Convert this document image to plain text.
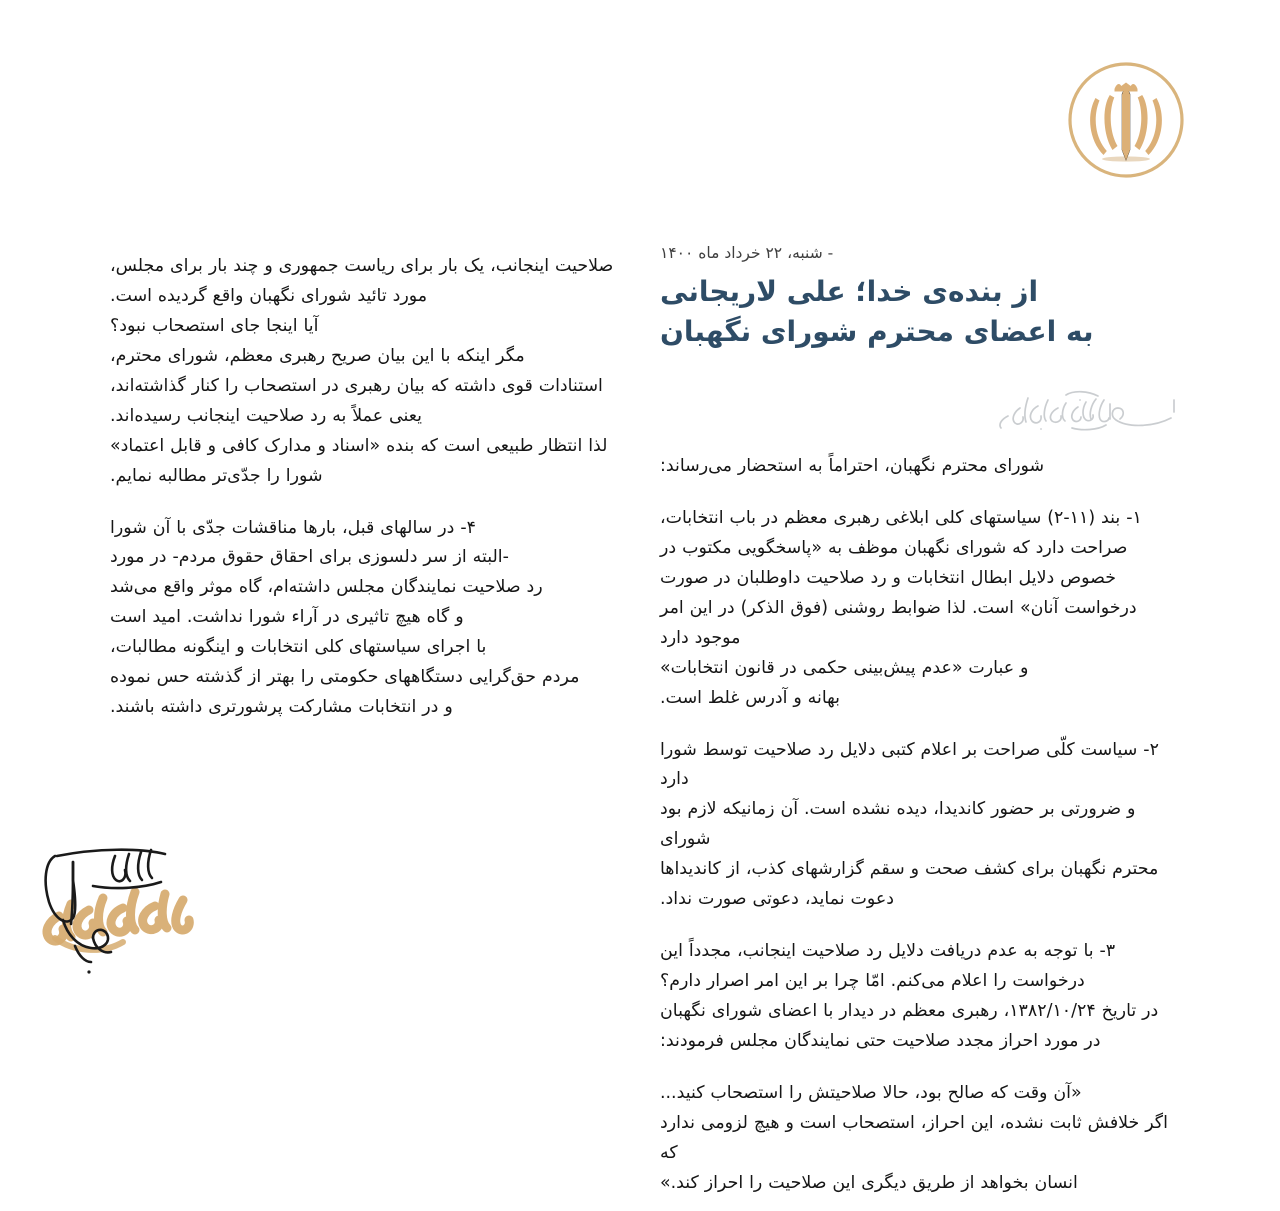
- شنبه، ۲۲ خرداد ماه ۱۴۰۰
از بنده‌ی خدا؛ علی لاریجانی
به اعضای محترم شورای نگهبان

شورای محترم نگهبان، احتراماً به استحضار می‌رساند:

۱- بند (۱۱-۲) سیاستهای کلی ابلاغی رهبری معظم در باب انتخابات،
صراحت دارد که شورای نگهبان موظف به «پاسخگویی مکتوب در
خصوص دلایل ابطال انتخابات و رد صلاحیت داوطلبان در صورت
درخواست آنان» است. لذا ضوابط روشنی (فوق الذکر) در این امر موجود دارد
و عبارت «عدم پیش‌بینی حکمی در قانون انتخابات»
بهانه و آدرس غلط است.

۲- سیاست کلّی صراحت بر اعلام کتبی دلایل رد صلاحیت توسط شورا دارد
و ضرورتی بر حضور کاندیدا، دیده نشده است. آن زمانیکه لازم بود شورای
محترم نگهبان برای کشف صحت و سقم گزارشهای کذب، از کاندیداها
دعوت نماید، دعوتی صورت نداد.

۳- با توجه به عدم دریافت دلایل رد صلاحیت اینجانب، مجدداً این
درخواست را اعلام می‌کنم. امّا چرا بر این امر اصرار دارم؟
در تاریخ ۱۳۸۲/۱۰/۲۴، رهبری معظم در دیدار با اعضای شورای نگهبان
در مورد احراز مجدد صلاحیت حتی نمایندگان مجلس فرمودند:

«آن وقت که صالح بود، حالا صلاحیتش را استصحاب کنید...
اگر خلافش ثابت نشده، این احراز، استصحاب است و هیچ لزومی ندارد که
انسان بخواهد از طریق دیگری این صلاحیت را احراز کند.»

صلاحیت اینجانب، یک بار برای ریاست جمهوری و چند بار برای مجلس،
مورد تائید شورای نگهبان واقع گردیده است.
آیا اینجا جای استصحاب نبود؟
مگر اینکه با این بیان صریح رهبری معظم، شورای محترم،
استنادات قوی داشته که بیان رهبری در استصحاب را کنار گذاشته‌اند،
یعنی عملاً به رد صلاحیت اینجانب رسیده‌اند.
لذا انتظار طبیعی است که بنده «اسناد و مدارک کافی و قابل اعتماد»
شورا را جدّی‌تر مطالبه نمایم.

۴- در سالهای قبل، بارها مناقشات جدّی با آن شورا
-البته از سر دلسوزی برای احقاق حقوق مردم- در مورد
رد صلاحیت نمایندگان مجلس داشته‌ام، گاه موثر واقع می‌شد
و گاه هیچ تاثیری در آراء شورا نداشت. امید است
با اجرای سیاستهای کلی انتخابات و اینگونه مطالبات،
مردم حق‌گرایی دستگاههای حکومتی را بهتر از گذشته حس نموده
و در انتخابات مشارکت پرشورتری داشته باشند.
